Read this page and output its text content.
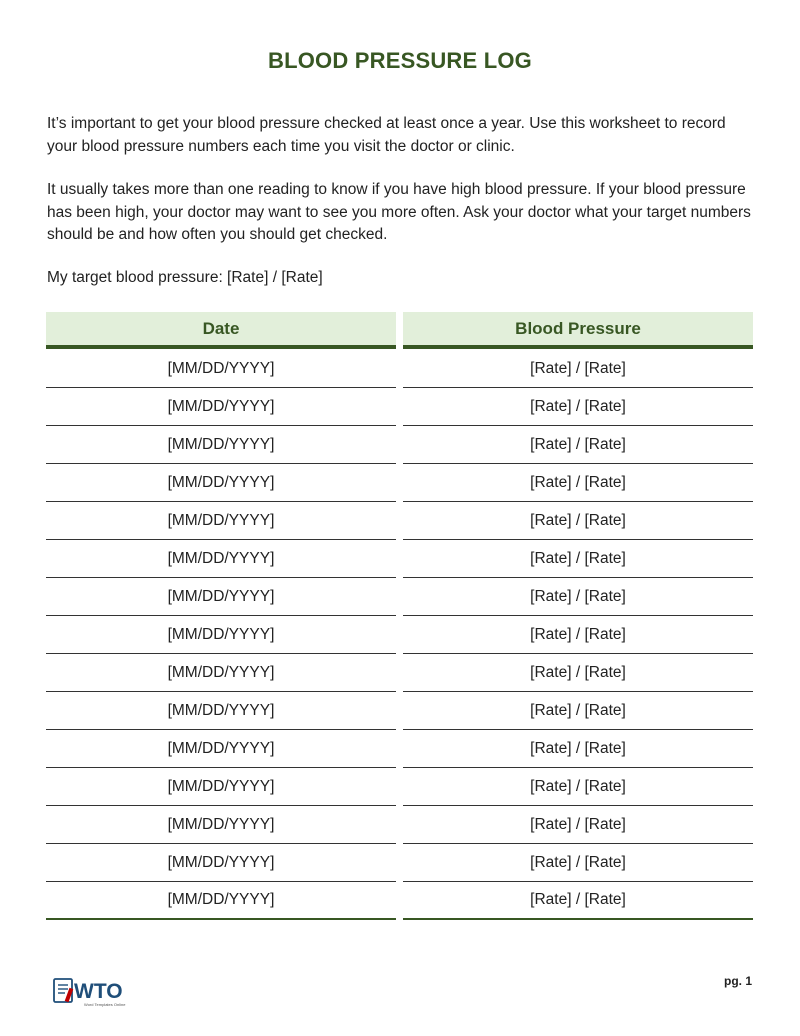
BLOOD PRESSURE LOG

It’s important to get your blood pressure checked at least once a year. Use this worksheet to record your blood pressure numbers each time you visit the doctor or clinic.

It usually takes more than one reading to know if you have high blood pressure. If your blood pressure has been high, your doctor may want to see you more often. Ask your doctor what your target numbers should be and how often you should get checked.

My target blood pressure: [Rate] / [Rate]

Date	Blood Pressure
[MM/DD/YYYY]	[Rate] / [Rate]
[MM/DD/YYYY]	[Rate] / [Rate]
[MM/DD/YYYY]	[Rate] / [Rate]
[MM/DD/YYYY]	[Rate] / [Rate]
[MM/DD/YYYY]	[Rate] / [Rate]
[MM/DD/YYYY]	[Rate] / [Rate]
[MM/DD/YYYY]	[Rate] / [Rate]
[MM/DD/YYYY]	[Rate] / [Rate]
[MM/DD/YYYY]	[Rate] / [Rate]
[MM/DD/YYYY]	[Rate] / [Rate]
[MM/DD/YYYY]	[Rate] / [Rate]
[MM/DD/YYYY]	[Rate] / [Rate]
[MM/DD/YYYY]	[Rate] / [Rate]
[MM/DD/YYYY]	[Rate] / [Rate]
[MM/DD/YYYY]	[Rate] / [Rate]
WTO
Word Templates Online
pg. 1
